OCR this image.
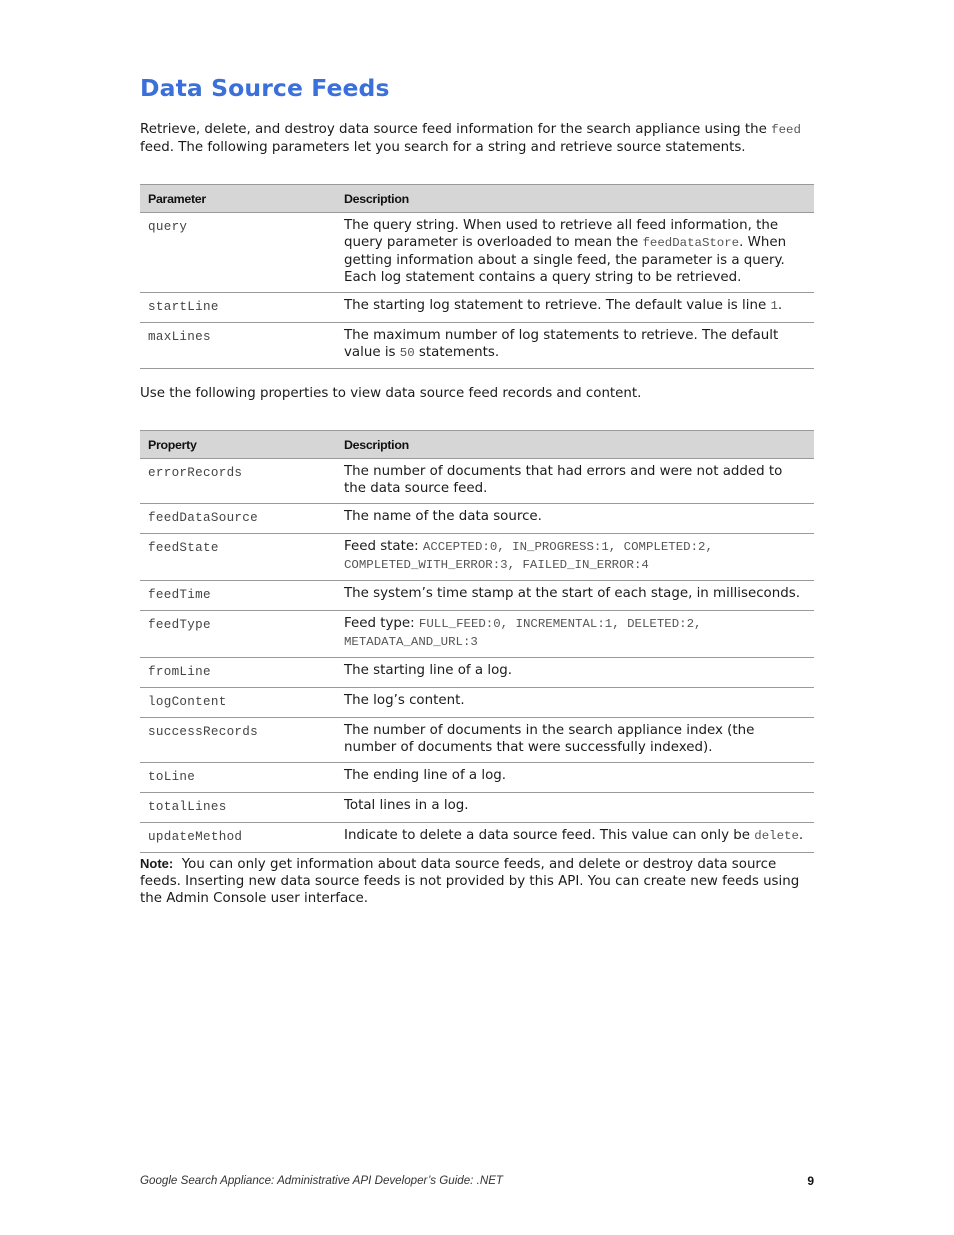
Data Source Feeds

Retrieve, delete, and destroy data source feed information for the search appliance using the feed feed. The following parameters let you search for a string and retrieve source statements.

Parameter	Description
query	The query string. When used to retrieve all feed information, the query parameter is overloaded to mean the feedDataStore. When getting information about a single feed, the parameter is a query. Each log statement contains a query string to be retrieved.
startLine	The starting log statement to retrieve. The default value is line 1.
maxLines	The maximum number of log statements to retrieve. The default value is 50 statements.

Use the following properties to view data source feed records and content.

Property	Description
errorRecords	The number of documents that had errors and were not added to the data source feed.
feedDataSource	The name of the data source.
feedState	Feed state: ACCEPTED:0, IN_PROGRESS:1, COMPLETED:2, COMPLETED_WITH_ERROR:3, FAILED_IN_ERROR:4
feedTime	The system’s time stamp at the start of each stage, in milliseconds.
feedType	Feed type: FULL_FEED:0, INCREMENTAL:1, DELETED:2, METADATA_AND_URL:3
fromLine	The starting line of a log.
logContent	The log’s content.
successRecords	The number of documents in the search appliance index (the number of documents that were successfully indexed).
toLine	The ending line of a log.
totalLines	Total lines in a log.
updateMethod	Indicate to delete a data source feed. This value can only be delete.

Note: You can only get information about data source feeds, and delete or destroy data source feeds. Inserting new data source feeds is not provided by this API. You can create new feeds using the Admin Console user interface.

Google Search Appliance: Administrative API Developer’s Guide: .NET	9
